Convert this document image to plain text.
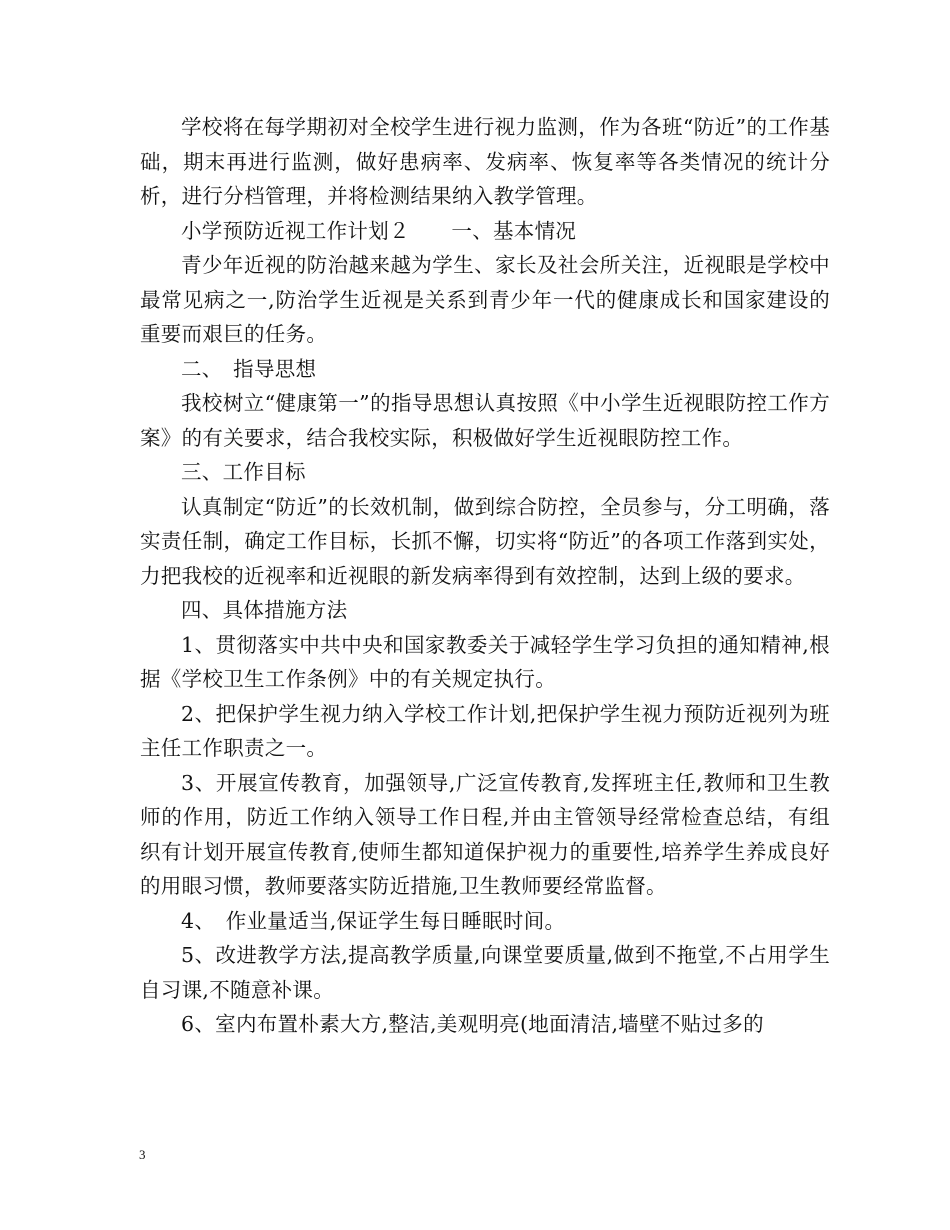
学校将在每学期初对全校学生进行视力监测，作为各班“防近”的工作基础，期末再进行监测，做好患病率、发病率、恢复率等各类情况的统计分析，进行分档管理，并将检测结果纳入教学管理。

小学预防近视工作计划２　　一、基本情况

青少年近视的防治越来越为学生、家长及社会所关注，近视眼是学校中最常见病之一,防治学生近视是关系到青少年一代的健康成长和国家建设的重要而艰巨的任务。

二、　指导思想

我校树立“健康第一”的指导思想认真按照《中小学生近视眼防控工作方案》的有关要求，结合我校实际，积极做好学生近视眼防控工作。

三、工作目标

认真制定“防近”的长效机制，做到综合防控，全员参与，分工明确，落实责任制，确定工作目标，长抓不懈，切实将“防近”的各项工作落到实处，力把我校的近视率和近视眼的新发病率得到有效控制，达到上级的要求。

四、具体措施方法

1、贯彻落实中共中央和国家教委关于减轻学生学习负担的通知精神,根据《学校卫生工作条例》中的有关规定执行。

2、把保护学生视力纳入学校工作计划,把保护学生视力预防近视列为班主任工作职责之一。

3、开展宣传教育，加强领导,广泛宣传教育,发挥班主任,教师和卫生教师的作用，防近工作纳入领导工作日程,并由主管领导经常检查总结，有组织有计划开展宣传教育,使师生都知道保护视力的重要性,培养学生养成良好的用眼习惯，教师要落实防近措施,卫生教师要经常监督。

4、　作业量适当,保证学生每日睡眠时间。

5、改进教学方法,提高教学质量,向课堂要质量,做到不拖堂,不占用学生自习课,不随意补课。

6、室内布置朴素大方,整洁,美观明亮(地面清洁,墙壁不贴过多的

3
